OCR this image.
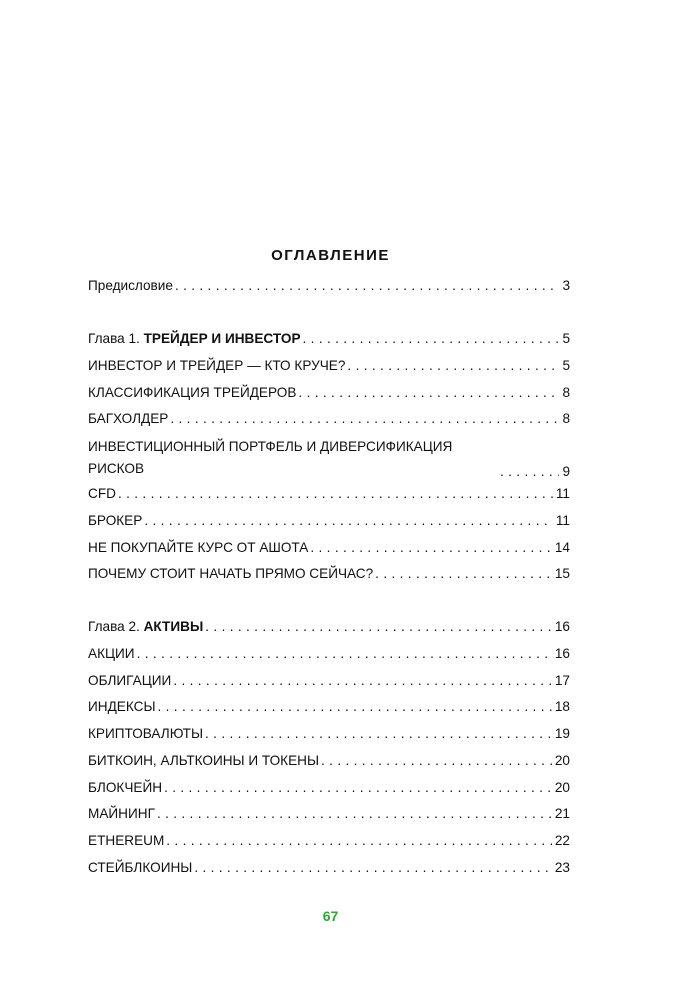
ОГЛАВЛЕНИЕ
Предисловие . . .	3
Глава 1. ТРЕЙДЕР И ИНВЕСТОР . . .	5
ИНВЕСТОР И ТРЕЙДЕР — КТО КРУЧЕ? . . .	5
КЛАССИФИКАЦИЯ ТРЕЙДЕРОВ . . .	8
БАГХОЛДЕР . . .	8
ИНВЕСТИЦИОННЫЙ ПОРТФЕЛЬ И ДИВЕРСИФИКАЦИЯ РИСКОВ . . .	9
CFD . . .	11
БРОКЕР . . .	11
НЕ ПОКУПАЙТЕ КУРС ОТ АШОТА . . .	14
ПОЧЕМУ СТОИТ НАЧАТЬ ПРЯМО СЕЙЧАС? . . .	15
Глава 2. АКТИВЫ . . .	16
АКЦИИ . . .	16
ОБЛИГАЦИИ . . .	17
ИНДЕКСЫ . . .	18
КРИПТОВАЛЮТЫ . . .	19
БИТКОИН, АЛЬТКОИНЫ И ТОКЕНЫ . . .	20
БЛОКЧЕЙН . . .	20
МАЙНИНГ . . .	21
ETHEREUM . . .	22
СТЕЙБЛКОИНЫ . . .	23
67
